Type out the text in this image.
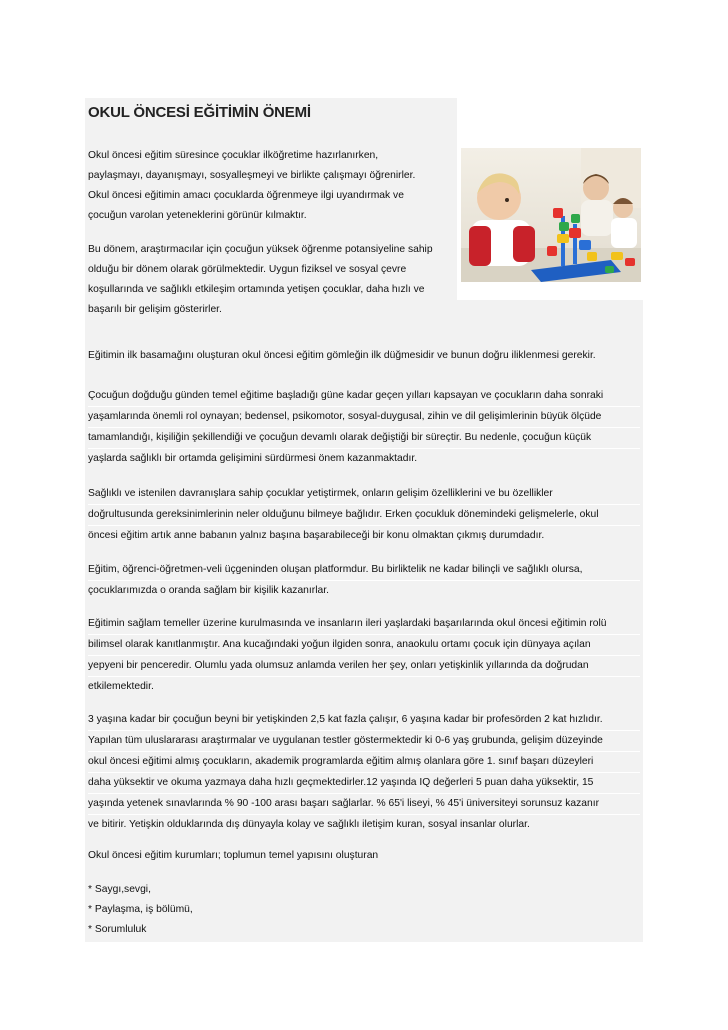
OKUL ÖNCESİ EĞİTİMİN ÖNEMİ
Okul öncesi eğitim süresince çocuklar ilköğretime hazırlanırken,
paylaşmayı, dayanışmayı, sosyalleşmeyi ve birlikte çalışmayı öğrenirler.
Okul öncesi eğitimin amacı çocuklarda öğrenmeye ilgi uyandırmak ve
çocuğun varolan yeteneklerini görünür kılmaktır.
Bu dönem, araştırmacılar için çocuğun yüksek öğrenme potansiyeline sahip
olduğu bir dönem olarak görülmektedir. Uygun fiziksel ve sosyal çevre
koşullarında ve sağlıklı etkileşim ortamında yetişen çocuklar, daha hızlı ve
başarılı bir gelişim gösterirler.
Eğitimin ilk basamağını oluşturan okul öncesi eğitim gömleğin ilk düğmesidir ve bunun doğru iliklenmesi gerekir.
Çocuğun doğduğu günden temel eğitime başladığı güne kadar geçen yılları kapsayan ve çocukların daha sonraki
yaşamlarında önemli rol oynayan; bedensel, psikomotor, sosyal-duygusal, zihin ve dil gelişimlerinin büyük ölçüde
tamamlandığı, kişiliğin şekillendiği ve çocuğun devamlı olarak değiştiği bir süreçtir. Bu nedenle, çocuğun küçük
yaşlarda sağlıklı bir ortamda gelişimini sürdürmesi önem kazanmaktadır.
Sağlıklı ve istenilen davranışlara sahip çocuklar yetiştirmek, onların gelişim özelliklerini ve bu özellikler
doğrultusunda gereksinimlerinin neler olduğunu bilmeye bağlıdır. Erken çocukluk dönemindeki gelişmelerle, okul
öncesi eğitim artık anne babanın yalnız başına başarabileceği bir konu olmaktan çıkmış durumdadır.
Eğitim, öğrenci-öğretmen-veli üçgeninden oluşan platformdur. Bu birliktelik ne kadar bilinçli ve sağlıklı olursa,
çocuklarımızda o oranda sağlam bir kişilik kazanırlar.
Eğitimin sağlam temeller üzerine kurulmasında ve insanların ileri yaşlardaki başarılarında okul öncesi eğitimin rolü
bilimsel olarak kanıtlanmıştır. Ana kucağındaki yoğun ilgiden sonra, anaokulu ortamı çocuk için dünyaya açılan
yepyeni bir penceredir. Olumlu yada olumsuz anlamda verilen her şey, onları yetişkinlik yıllarında da doğrudan
etkilemektedir.
3 yaşına kadar bir çocuğun beyni bir yetişkinden 2,5 kat fazla çalışır, 6 yaşına kadar bir profesörden 2 kat hızlıdır.
Yapılan tüm uluslararası araştırmalar ve uygulanan testler göstermektedir ki 0-6 yaş grubunda, gelişim düzeyinde
okul öncesi eğitimi almış çocukların, akademik programlarda eğitim almış olanlara göre 1. sınıf başarı düzeyleri
daha yüksektir ve okuma yazmaya daha hızlı geçmektedirler.12 yaşında IQ değerleri 5 puan daha yüksektir, 15
yaşında yetenek sınavlarında % 90 -100 arası başarı sağlarlar. % 65'i liseyi, % 45'i üniversiteyi sorunsuz kazanır
ve bitirir. Yetişkin olduklarında dış dünyayla kolay ve sağlıklı iletişim kuran, sosyal insanlar olurlar.
Okul öncesi eğitim kurumları; toplumun temel yapısını oluşturan
* Saygı,sevgi,
* Paylaşma, iş bölümü,
* Sorumluluk
